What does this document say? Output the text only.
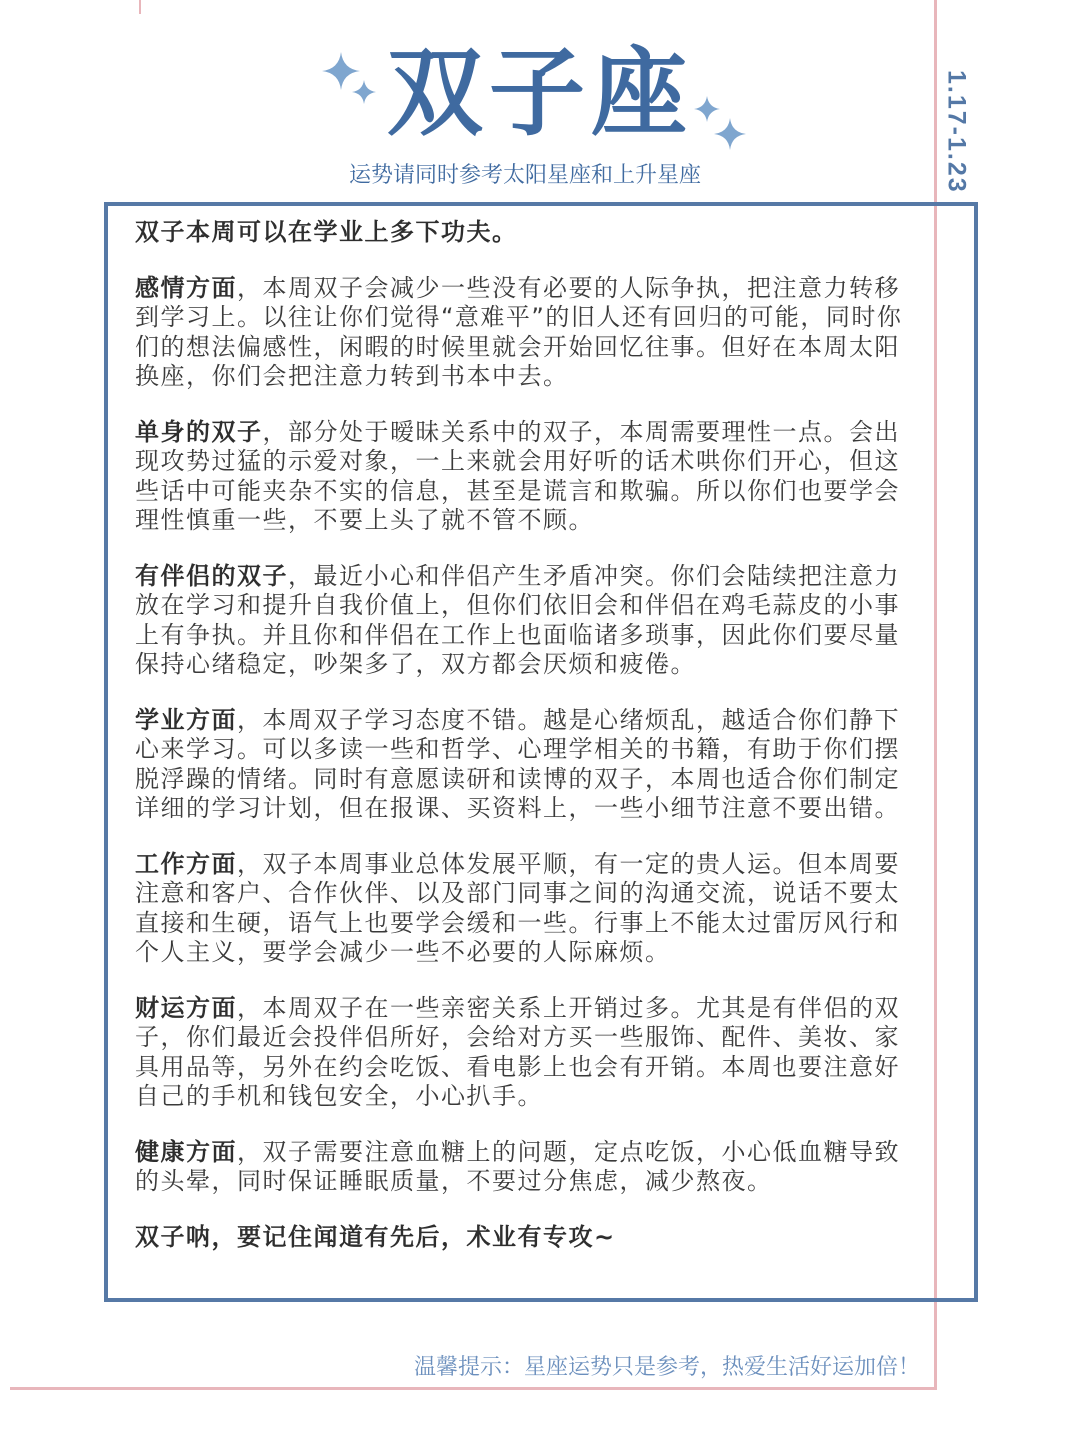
1.17-1.23
双子座
运势请同时参考太阳星座和上升星座

双子本周可以在学业上多下功夫。

感情方面，本周双子会减少一些没有必要的人际争执，把注意力转移到学习上。以往让你们觉得“意难平”的旧人还有回归的可能，同时你们的想法偏感性，闲暇的时候里就会开始回忆往事。但好在本周太阳换座，你们会把注意力转到书本中去。

单身的双子，部分处于暧昧关系中的双子，本周需要理性一点。会出现攻势过猛的示爱对象，一上来就会用好听的话术哄你们开心，但这些话中可能夹杂不实的信息，甚至是谎言和欺骗。所以你们也要学会理性慎重一些，不要上头了就不管不顾。

有伴侣的双子，最近小心和伴侣产生矛盾冲突。你们会陆续把注意力放在学习和提升自我价值上，但你们依旧会和伴侣在鸡毛蒜皮的小事上有争执。并且你和伴侣在工作上也面临诸多琐事，因此你们要尽量保持心绪稳定，吵架多了，双方都会厌烦和疲倦。

学业方面，本周双子学习态度不错。越是心绪烦乱，越适合你们静下心来学习。可以多读一些和哲学、心理学相关的书籍，有助于你们摆脱浮躁的情绪。同时有意愿读研和读博的双子，本周也适合你们制定详细的学习计划，但在报课、买资料上，一些小细节注意不要出错。

工作方面，双子本周事业总体发展平顺，有一定的贵人运。但本周要注意和客户、合作伙伴、以及部门同事之间的沟通交流，说话不要太直接和生硬，语气上也要学会缓和一些。行事上不能太过雷厉风行和个人主义，要学会减少一些不必要的人际麻烦。

财运方面，本周双子在一些亲密关系上开销过多。尤其是有伴侣的双子，你们最近会投伴侣所好，会给对方买一些服饰、配件、美妆、家具用品等，另外在约会吃饭、看电影上也会有开销。本周也要注意好自己的手机和钱包安全，小心扒手。

健康方面，双子需要注意血糖上的问题，定点吃饭，小心低血糖导致的头晕，同时保证睡眠质量，不要过分焦虑，减少熬夜。

双子呐，要记住闻道有先后，术业有专攻~

温馨提示：星座运势只是参考，热爱生活好运加倍！
